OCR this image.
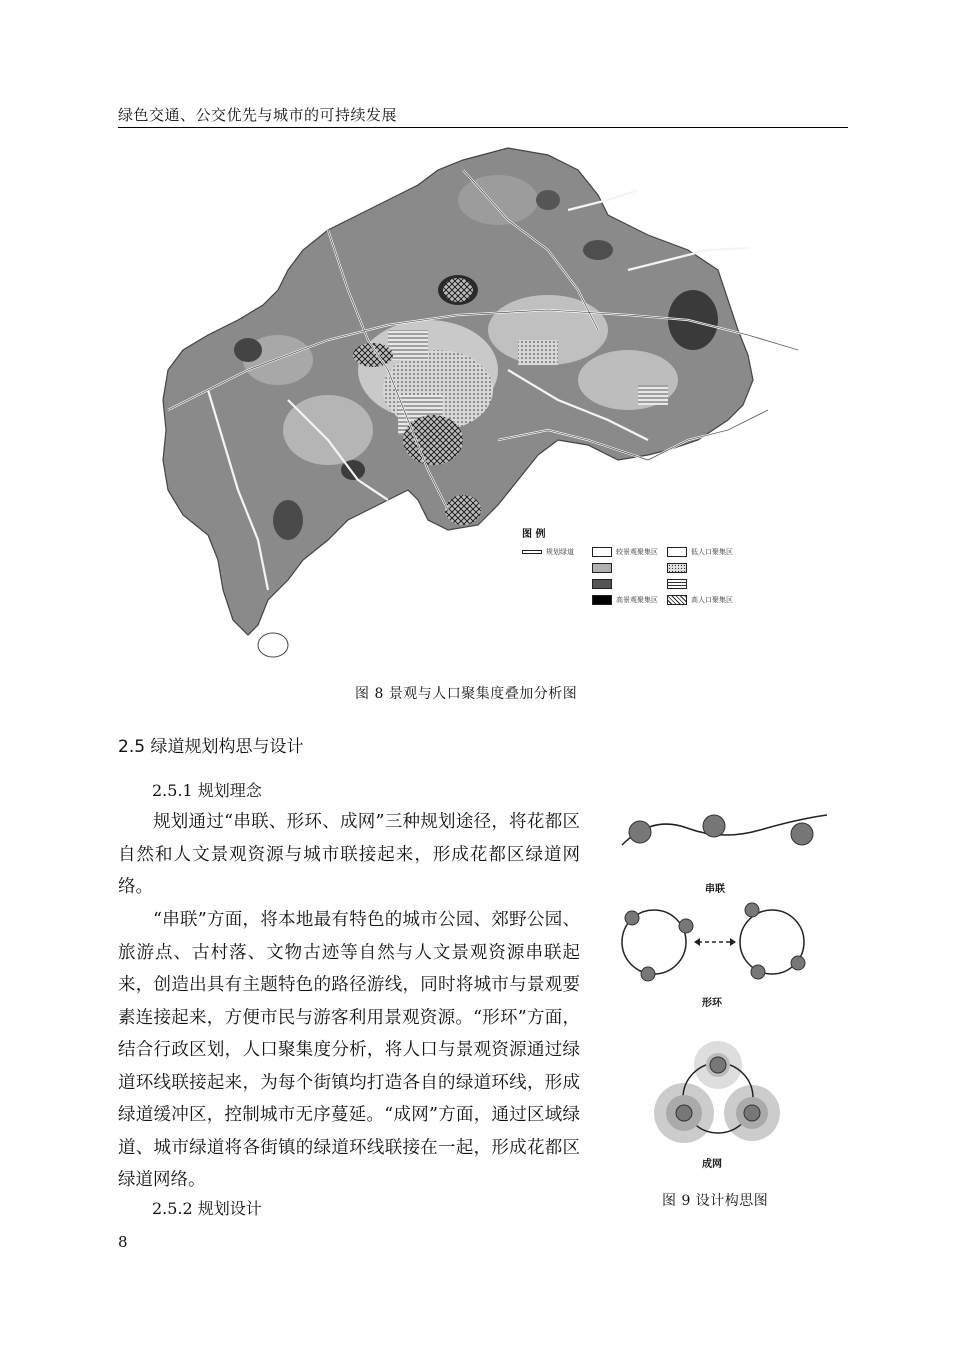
绿色交通、公交优先与城市的可持续发展
图 例
规划绿道	较景观聚集区	低人口聚集区
高景观聚集区	高人口聚集区
图 8 景观与人口聚集度叠加分析图
2.5 绿道规划构思与设计
2.5.1 规划理念

规划通过“串联、形环、成网”三种规划途径，将花都区自然和人文景观资源与城市联接起来，形成花都区绿道网络。

“串联”方面，将本地最有特色的城市公园、郊野公园、旅游点、古村落、文物古迹等自然与人文景观资源串联起来，创造出具有主题特色的路径游线，同时将城市与景观要素连接起来，方便市民与游客利用景观资源。“形环”方面，结合行政区划，人口聚集度分析，将人口与景观资源通过绿道环线联接起来，为每个街镇均打造各自的绿道环线，形成绿道缓冲区，控制城市无序蔓延。“成网”方面，通过区域绿道、城市绿道将各街镇的绿道环线联接在一起，形成花都区绿道网络。

2.5.2 规划设计
串联
形环
成网
图 9 设计构思图
8
